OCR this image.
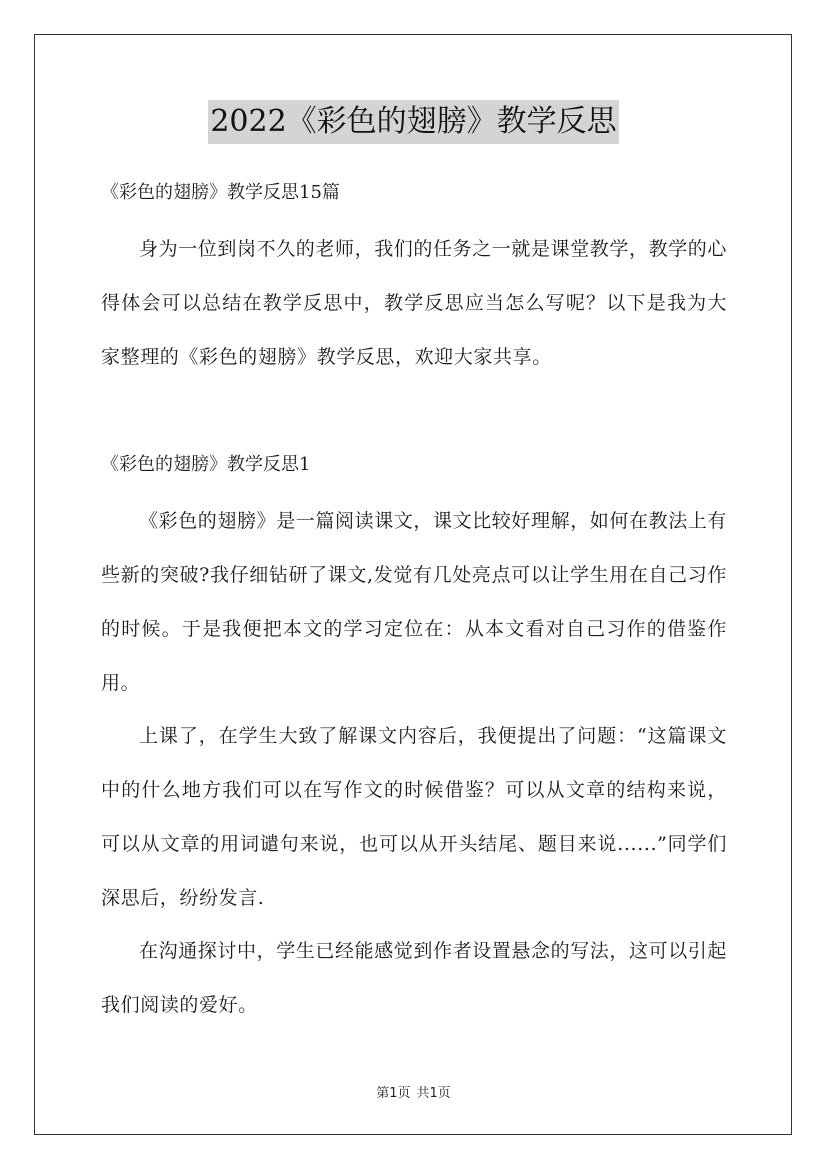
2022《彩色的翅膀》教学反思

《彩色的翅膀》教学反思15篇

身为一位到岗不久的老师，我们的任务之一就是课堂教学，教学的心得体会可以总结在教学反思中，教学反思应当怎么写呢？以下是我为大家整理的《彩色的翅膀》教学反思，欢迎大家共享。

《彩色的翅膀》教学反思1

《彩色的翅膀》是一篇阅读课文，课文比较好理解，如何在教法上有些新的突破?我仔细钻研了课文,发觉有几处亮点可以让学生用在自己习作的时候。于是我便把本文的学习定位在：从本文看对自己习作的借鉴作用。

上课了，在学生大致了解课文内容后，我便提出了问题：“这篇课文中的什么地方我们可以在写作文的时候借鉴？可以从文章的结构来说，可以从文章的用词谴句来说，也可以从开头结尾、题目来说......”同学们深思后，纷纷发言.

在沟通探讨中，学生已经能感觉到作者设置悬念的写法，这可以引起我们阅读的爱好。

第1页 共1页
